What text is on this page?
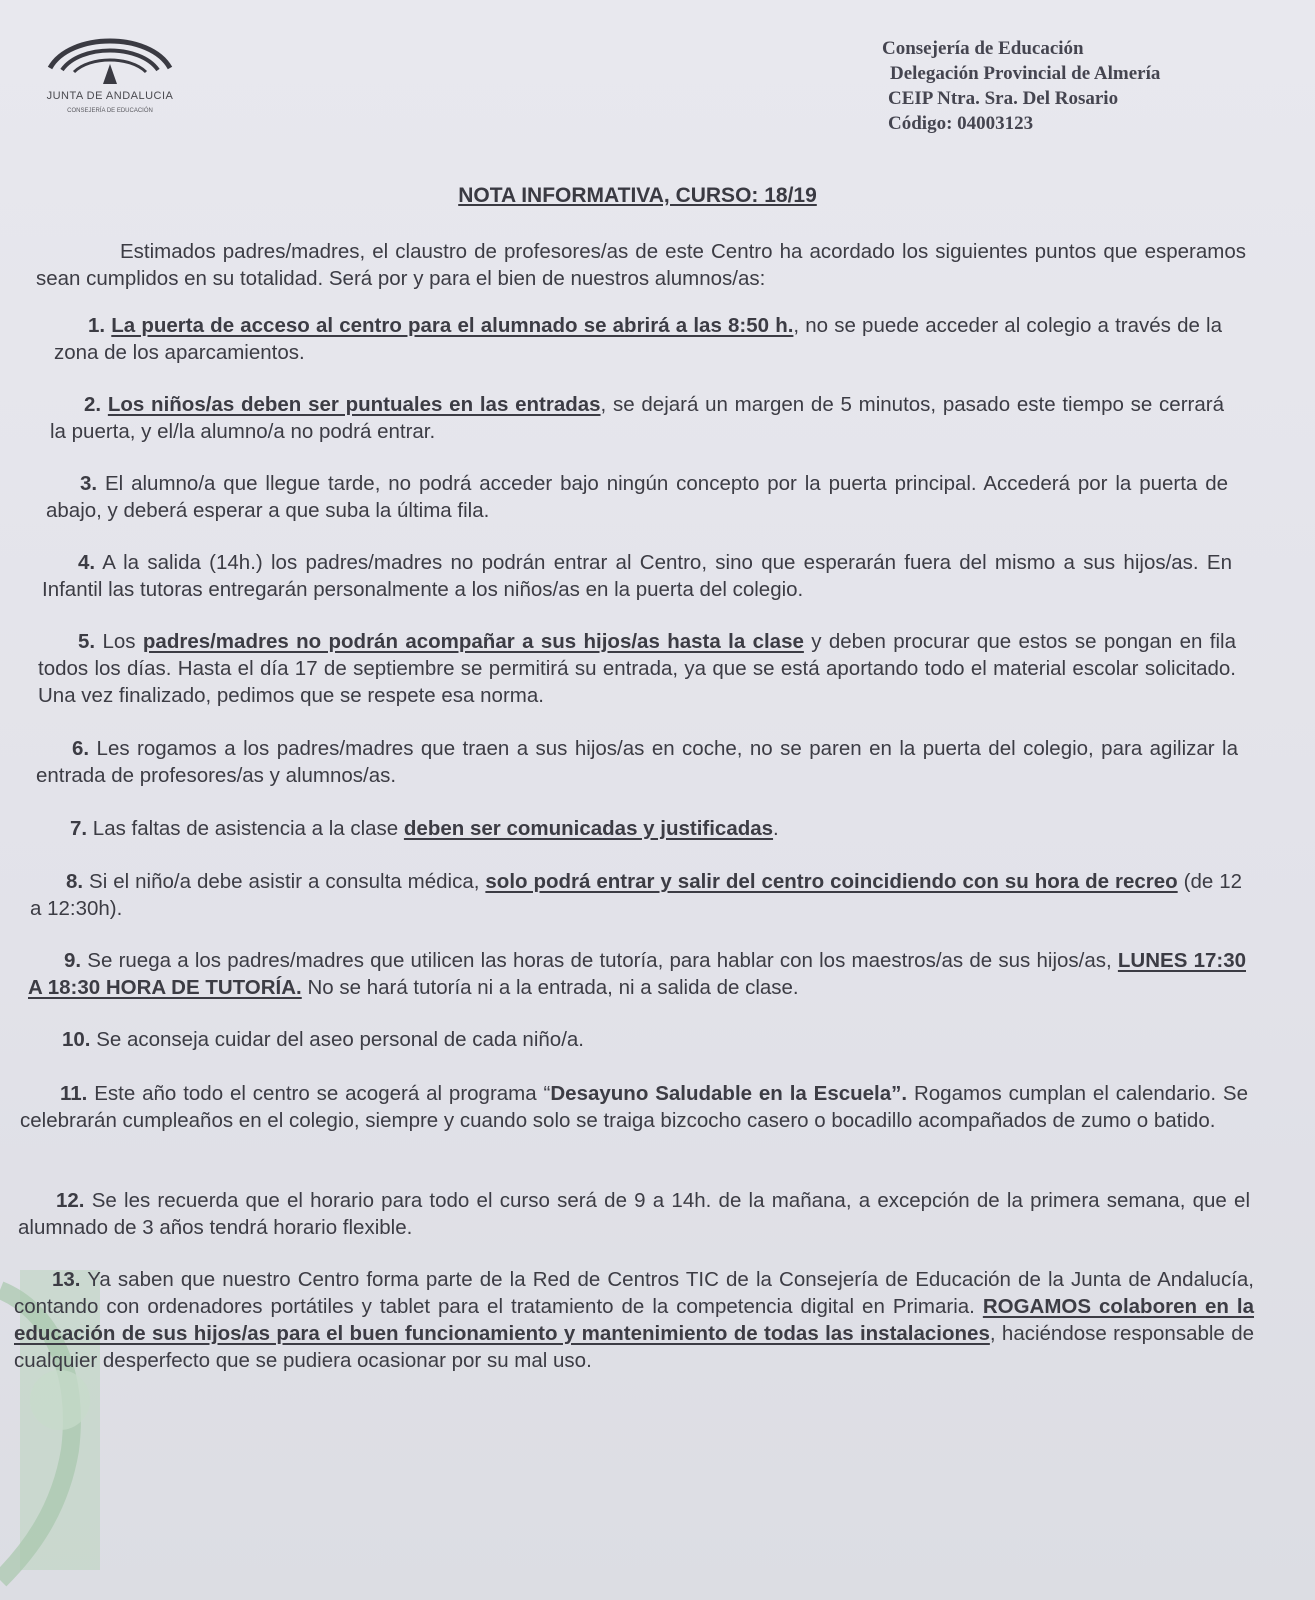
JUNTA DE ANDALUCIA
CONSEJERÍA DE EDUCACIÓN
Consejería de Educación
Delegación Provincial de Almería
CEIP Ntra. Sra. Del Rosario
Código: 04003123
NOTA INFORMATIVA, CURSO: 18/19
Estimados padres/madres, el claustro de profesores/as de este Centro ha acordado los siguientes puntos que esperamos sean cumplidos en su totalidad. Será por y para el bien de nuestros alumnos/as:
1. La puerta de acceso al centro para el alumnado se abrirá a las 8:50 h., no se puede acceder al colegio a través de la zona de los aparcamientos.
2. Los niños/as deben ser puntuales en las entradas, se dejará un margen de 5 minutos, pasado este tiempo se cerrará la puerta, y el/la alumno/a no podrá entrar.
3. El alumno/a que llegue tarde, no podrá acceder bajo ningún concepto por la puerta principal. Accederá por la puerta de abajo, y deberá esperar a que suba la última fila.
4. A la salida (14h.) los padres/madres no podrán entrar al Centro, sino que esperarán fuera del mismo a sus hijos/as. En Infantil las tutoras entregarán personalmente a los niños/as en la puerta del colegio.
5. Los padres/madres no podrán acompañar a sus hijos/as hasta la clase y deben procurar que estos se pongan en fila todos los días. Hasta el día 17 de septiembre se permitirá su entrada, ya que se está aportando todo el material escolar solicitado. Una vez finalizado, pedimos que se respete esa norma.
6. Les rogamos a los padres/madres que traen a sus hijos/as en coche, no se paren en la puerta del colegio, para agilizar la entrada de profesores/as y alumnos/as.
7. Las faltas de asistencia a la clase deben ser comunicadas y justificadas.
8. Si el niño/a debe asistir a consulta médica, solo podrá entrar y salir del centro coincidiendo con su hora de recreo (de 12 a 12:30h).
9. Se ruega a los padres/madres que utilicen las horas de tutoría, para hablar con los maestros/as de sus hijos/as, LUNES 17:30 A 18:30 HORA DE TUTORÍA. No se hará tutoría ni a la entrada, ni a salida de clase.
10. Se aconseja cuidar del aseo personal de cada niño/a.
11. Este año todo el centro se acogerá al programa “Desayuno Saludable en la Escuela”. Rogamos cumplan el calendario. Se celebrarán cumpleaños en el colegio, siempre y cuando solo se traiga bizcocho casero o bocadillo acompañados de zumo o batido.
12. Se les recuerda que el horario para todo el curso será de 9 a 14h. de la mañana, a excepción de la primera semana, que el alumnado de 3 años tendrá horario flexible.
13. Ya saben que nuestro Centro forma parte de la Red de Centros TIC de la Consejería de Educación de la Junta de Andalucía, contando con ordenadores portátiles y tablet para el tratamiento de la competencia digital en Primaria. ROGAMOS colaboren en la educación de sus hijos/as para el buen funcionamiento y mantenimiento de todas las instalaciones, haciéndose responsable de cualquier desperfecto que se pudiera ocasionar por su mal uso.
